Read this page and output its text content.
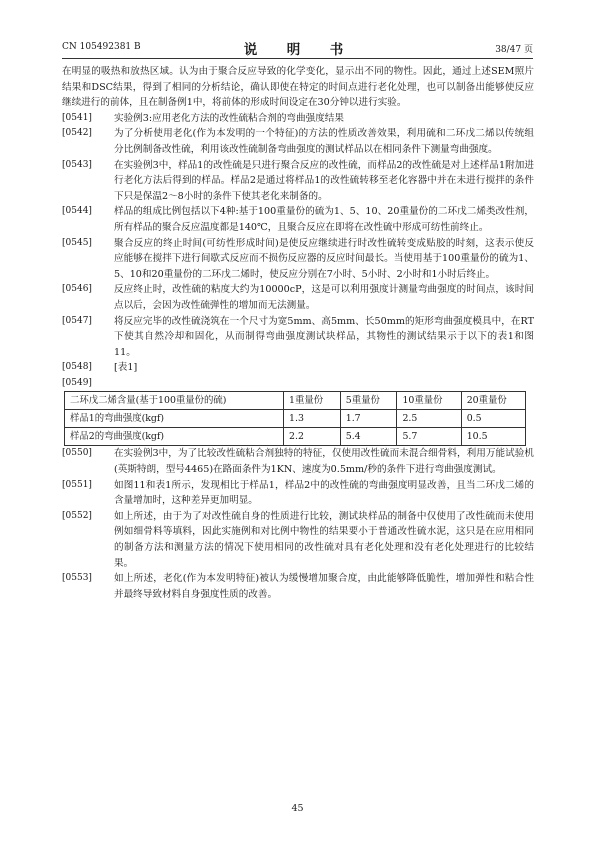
CN 105492381 B	说　明　书	38/47 页

在明显的吸热和放热区域。认为由于聚合反应导致的化学变化，显示出不同的物性。因此，通过上述SEM照片结果和DSC结果，得到了相同的分析结论，确认即使在特定的时间点进行老化处理，也可以制备出能够使反应继续进行的前体，且在制备例1中，将前体的形成时间设定在30分钟以进行实验。

[0541]	实验例3:应用老化方法的改性硫粘合剂的弯曲强度结果
[0542]	为了分析使用老化(作为本发明的一个特征)的方法的性质改善效果，利用硫和二环戊二烯以传统组分比例制备改性硫，利用该改性硫制备弯曲强度的测试样品以在相同条件下测量弯曲强度。
[0543]	在实验例3中，样品1的改性硫是只进行聚合反应的改性硫，而样品2的改性硫是对上述样品1附加进行老化方法后得到的样品。样品2是通过将样品1的改性硫转移至老化容器中并在未进行搅拌的条件下只是保温2～8小时的条件下使其老化来制备的。
[0544]	样品的组成比例包括以下4种:基于100重量份的硫为1、5、10、20重量份的二环戊二烯类改性剂，所有样品的聚合反应温度都是140℃，且聚合反应在即将在改性硫中形成可纺性前终止。
[0545]	聚合反应的终止时间(可纺性形成时间)是使反应继续进行时改性硫转变成贴胶的时刻，这表示使反应能够在搅拌下进行间歇式反应而不损伤反应器的反应时间最长。当使用基于100重量份的硫为1、5、10和20重量份的二环戊二烯时，使反应分别在7小时、5小时、2小时和1小时后终止。
[0546]	反应终止时，改性硫的粘度大约为10000cP，这是可以利用强度计测量弯曲强度的时间点，该时间点以后，会因为改性硫弹性的增加而无法测量。
[0547]	将反应完毕的改性硫浇筑在一个尺寸为宽5mm、高5mm、长50mm的矩形弯曲强度模具中，在RT下使其自然冷却和固化，从而制得弯曲强度测试块样品，其物性的测试结果示于以下的表1和图11。
[0548]	[表1]
[0549]
二环戊二烯含量(基于100重量份的硫)	1重量份	5重量份	10重量份	20重量份
样品1的弯曲强度(kgf)	1.3	1.7	2.5	0.5
样品2的弯曲强度(kgf)	2.2	5.4	5.7	10.5
[0550]	在实验例3中，为了比较改性硫粘合剂独特的特征，仅使用改性硫而未混合细骨料，利用万能试验机(英斯特朗，型号4465)在路面条件为1KN、速度为0.5mm/秒的条件下进行弯曲强度测试。
[0551]	如图11和表1所示，发现相比于样品1，样品2中的改性硫的弯曲强度明显改善，且当二环戊二烯的含量增加时，这种差异更加明显。
[0552]	如上所述，由于为了对改性硫自身的性质进行比较，测试块样品的制备中仅使用了改性硫而未使用例如细骨料等填料，因此实施例和对比例中物性的结果要小于普通改性硫水泥，这只是在应用相同的制备方法和测量方法的情况下使用相同的改性硫对具有老化处理和没有老化处理进行的比较结果。
[0553]	如上所述，老化(作为本发明特征)被认为缓慢增加聚合度，由此能够降低脆性，增加弹性和粘合性并最终导致材料自身强度性质的改善。
45
